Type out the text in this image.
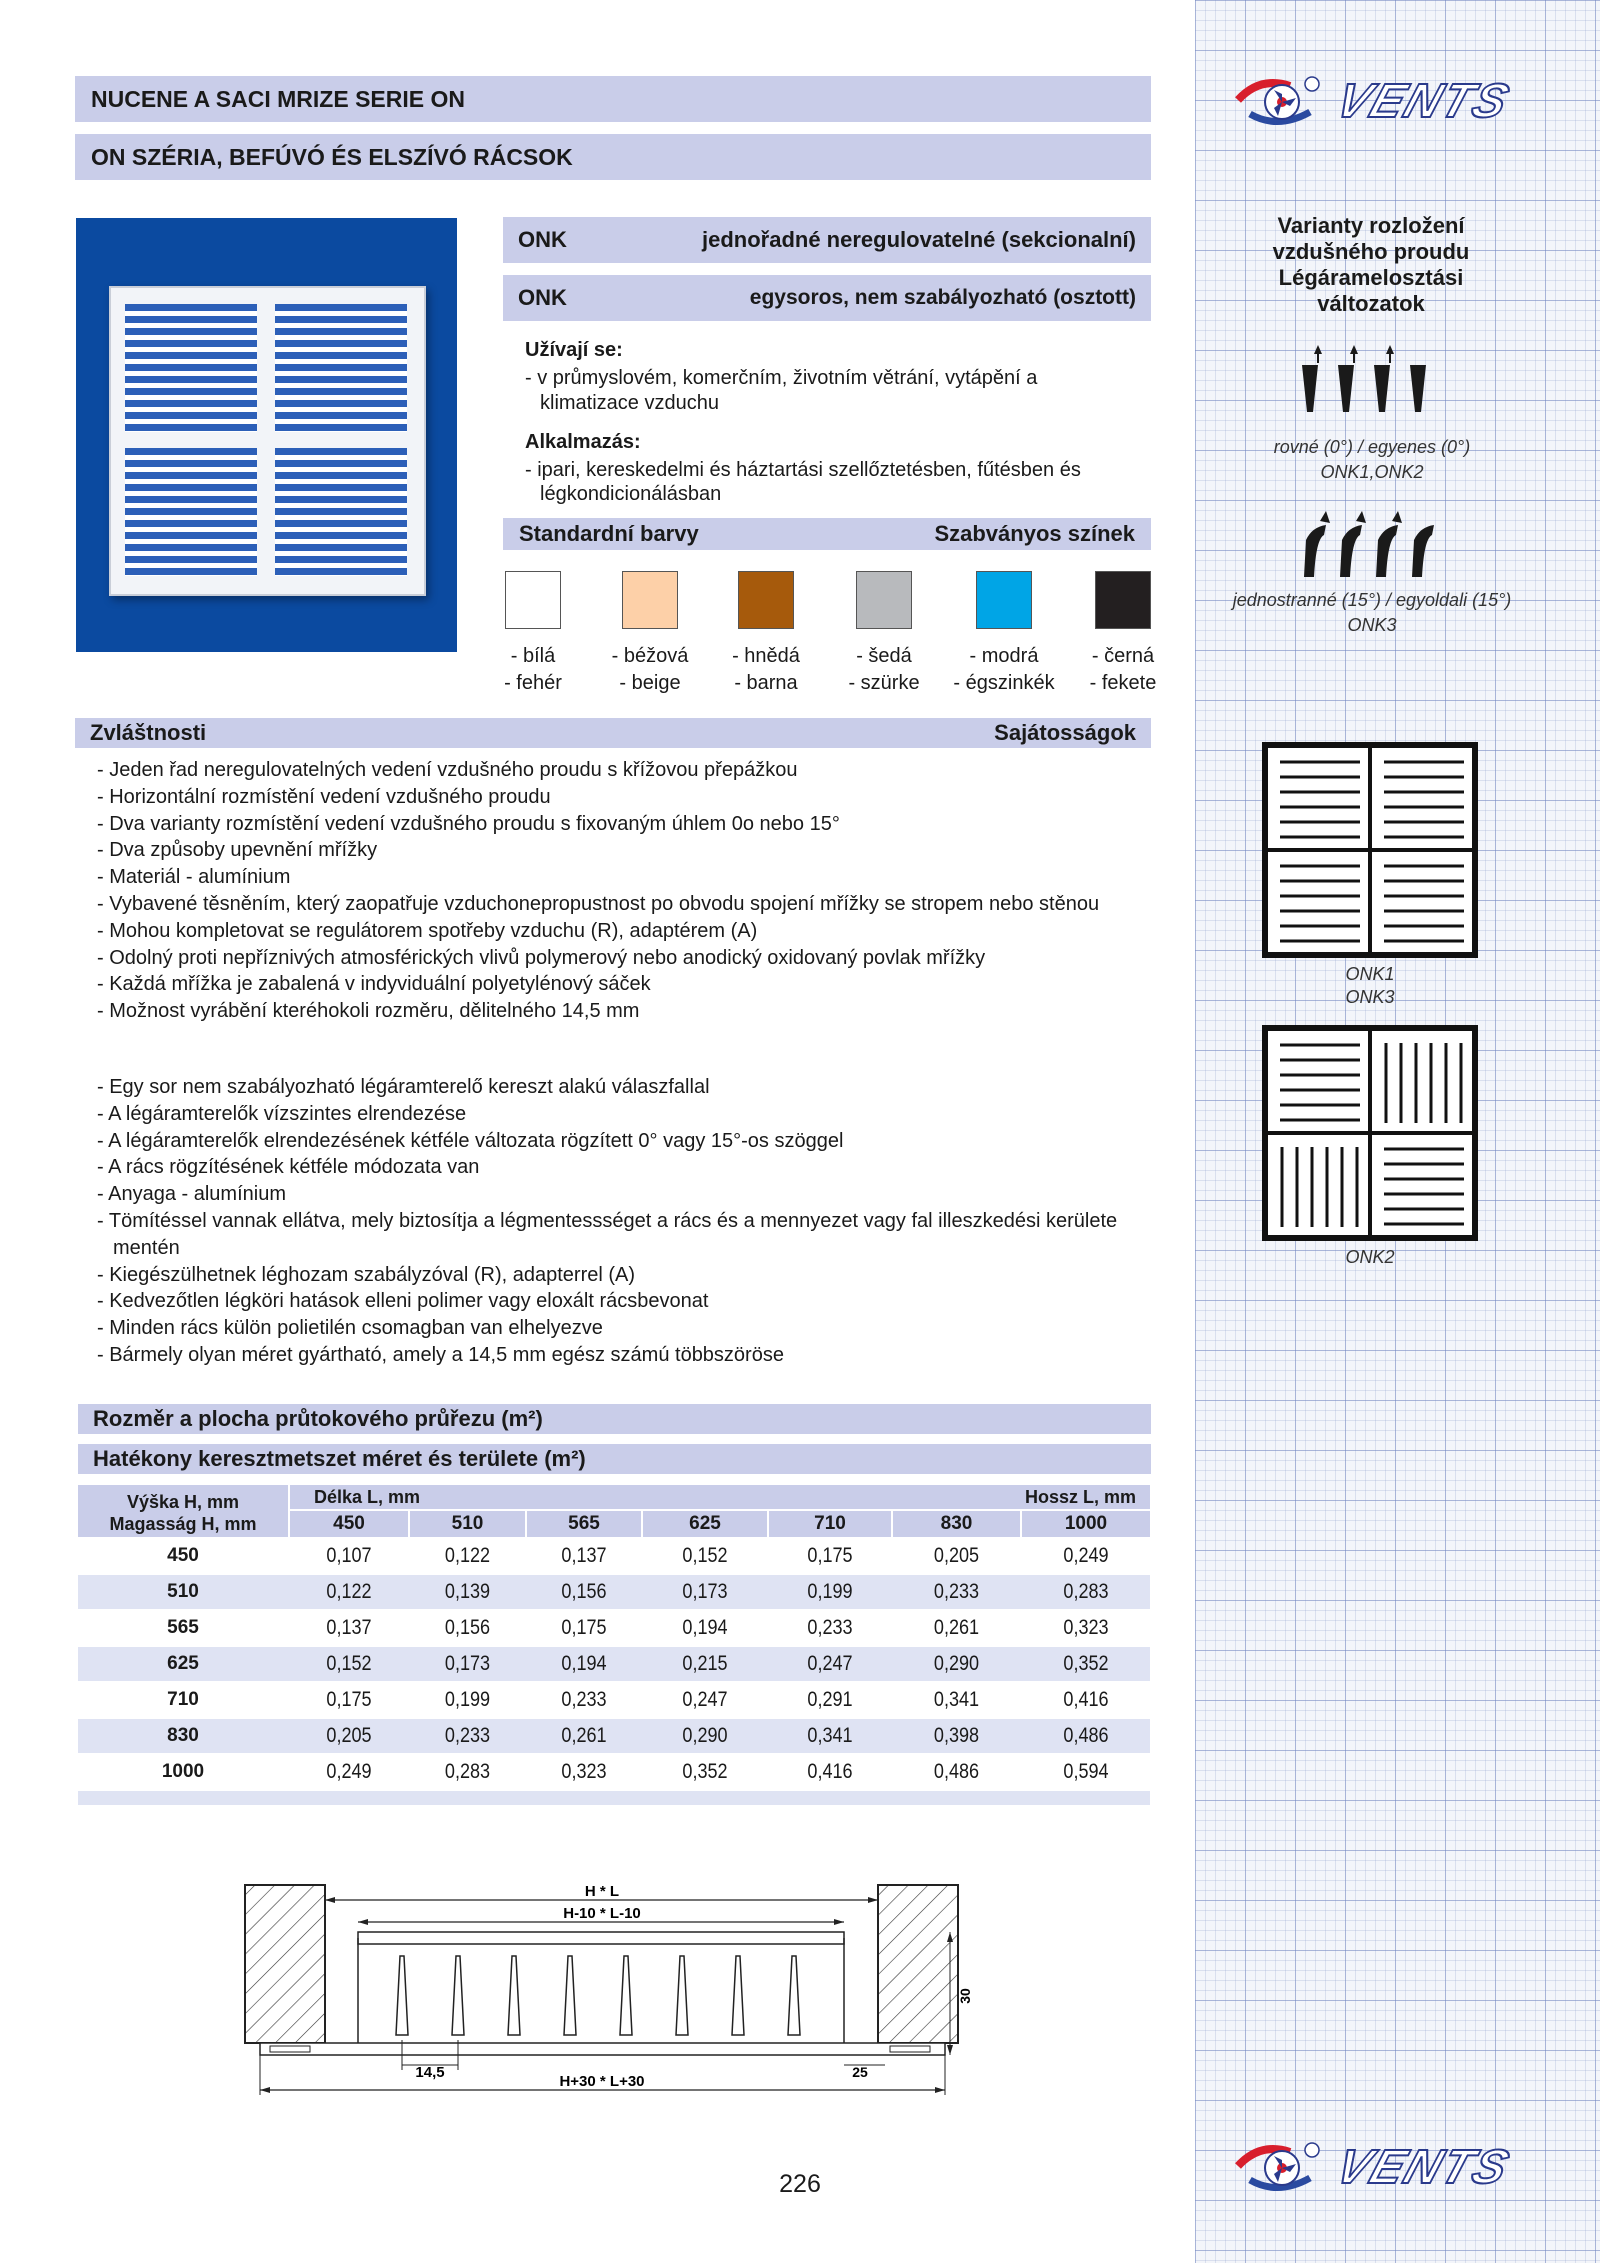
NUCENE A SACI MRIZE SERIE ON
ON SZÉRIA, BEFÚVÓ ÉS ELSZÍVÓ RÁCSOK
VENTS
VENTS
ONK	jednořadné neregulovatelné (sekcionalní)
ONK	egysoros, nem szabályozható (osztott)
Užívají se:
- v průmyslovém, komerčním, životním větrání, vytápění a
klimatizace vzduchu
Alkalmazás:
- ipari, kereskedelmi és háztartási szellőztetésben, fűtésben és
légkondicionálásban
Standardní barvy	Szabványos színek
- bílá
- fehér
- béžová
- beige
- hnědá
- barna
- šedá
- szürke
- modrá
- égszinkék
- černá
- fekete
Zvláštnosti	Sajátosságok
- Jeden řad neregulovatelných vedení vzdušného proudu s křížovou přepážkou
- Horizontální rozmístění vedení vzdušného proudu
- Dva varianty rozmístění vedení vzdušného proudu s fixovaným úhlem 0o nebo 15°
- Dva způsoby upevnění mřížky
- Materiál - alumínium
- Vybavené těsněním, který zaopatřuje vzduchonepropustnost po obvodu spojení mřížky se stropem nebo stěnou
- Mohou kompletovat se regulátorem spotřeby vzduchu (R), adaptérem (A)
- Odolný proti nepříznivých atmosférických vlivů polymerový nebo anodický oxidovaný povlak mřížky
- Každá mřížka je zabalená v indyviduální polyetylénový sáček
- Možnost vyrábění kteréhokoli rozměru, dělitelného 14,5 mm
- Egy sor nem szabályozható légáramterelő kereszt alakú válaszfallal
- A légáramterelők vízszintes elrendezése
- A légáramterelők elrendezésének kétféle változata rögzített 0° vagy 15°-os szöggel
- A rács rögzítésének kétféle módozata van
- Anyaga - alumínium
- Tömítéssel vannak ellátva, mely biztosítja a légmentessséget a rács és a mennyezet vagy fal illeszkedési kerülete mentén
- Kiegészülhetnek léghozam szabályzóval (R), adapterrel (A)
- Kedvezőtlen légköri hatások elleni polimer vagy eloxált rácsbevonat
- Minden rács külön polietilén csomagban van elhelyezve
- Bármely olyan méret gyártható, amely a 14,5 mm egész számú többszöröse
Rozměr a plocha průtokového průřezu (m²)
Hatékony keresztmetszet méret és területe (m²)
Výška H, mm
Magasság H, mm
Délka L, mm	Hossz L, mm
450	510	565	625	710	830	1000
450	0,107	0,122	0,137	0,152	0,175	0,205	0,249
510	0,122	0,139	0,156	0,173	0,199	0,233	0,283
565	0,137	0,156	0,175	0,194	0,233	0,261	0,323
625	0,152	0,173	0,194	0,215	0,247	0,290	0,352
710	0,175	0,199	0,233	0,247	0,291	0,341	0,416
830	0,205	0,233	0,261	0,290	0,341	0,398	0,486
1000	0,249	0,283	0,323	0,352	0,416	0,486	0,594
H * L
H-10 * L-10
H+30 * L+30
14,5	25
30
226
Varianty rozložení
vzdušného proudu
Légáramelosztási
változatok
rovné (0°) / egyenes (0°)
ONK1,ONK2
jednostranné (15°) / egyoldali (15°)
ONK3
ONK1
ONK3
ONK2
